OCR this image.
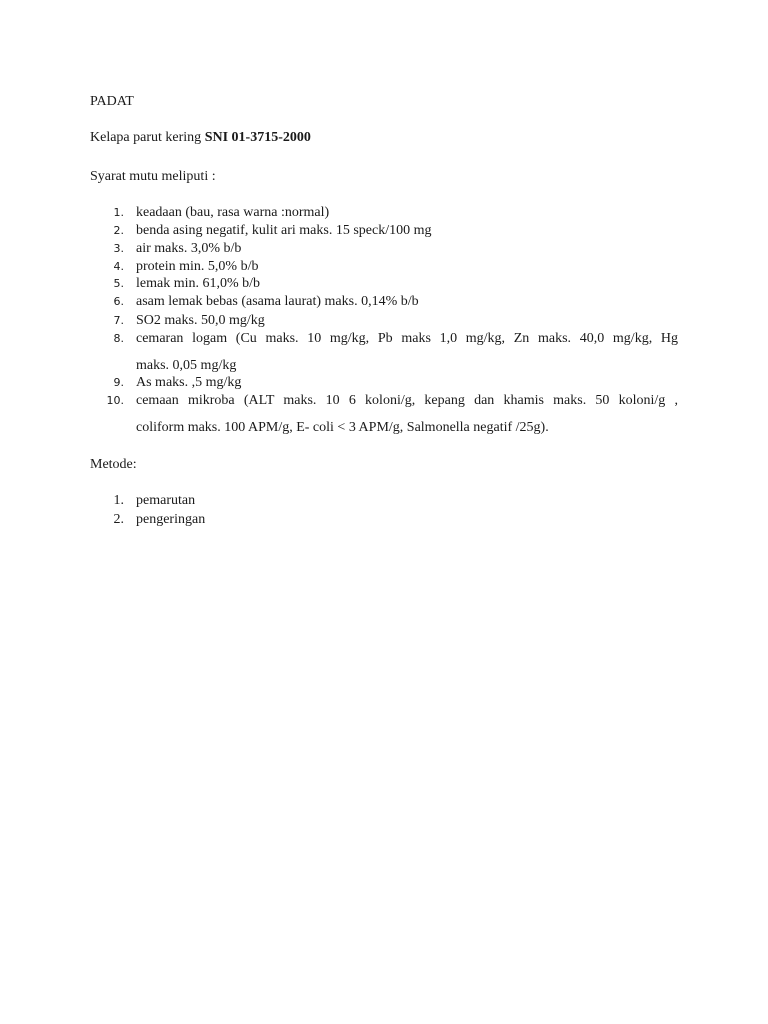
PADAT
Kelapa parut kering SNI 01-3715-2000
Syarat mutu meliputi :
1. keadaan (bau, rasa warna :normal)
2. benda asing negatif, kulit ari maks. 15 speck/100 mg
3. air maks. 3,0% b/b
4. protein min. 5,0% b/b
5. lemak min. 61,0% b/b
6. asam lemak bebas (asama laurat) maks. 0,14% b/b
7. SO2 maks. 50,0 mg/kg
8. cemaran logam (Cu maks. 10 mg/kg, Pb maks 1,0 mg/kg, Zn maks. 40,0 mg/kg, Hg
maks. 0,05 mg/kg
9. As maks. ,5 mg/kg
10. cemaan mikroba (ALT maks. 10 6 koloni/g, kepang dan khamis maks. 50 koloni/g ,
coliform maks. 100 APM/g, E- coli < 3 APM/g, Salmonella negatif /25g).
Metode:
1. pemarutan
2. pengeringan
